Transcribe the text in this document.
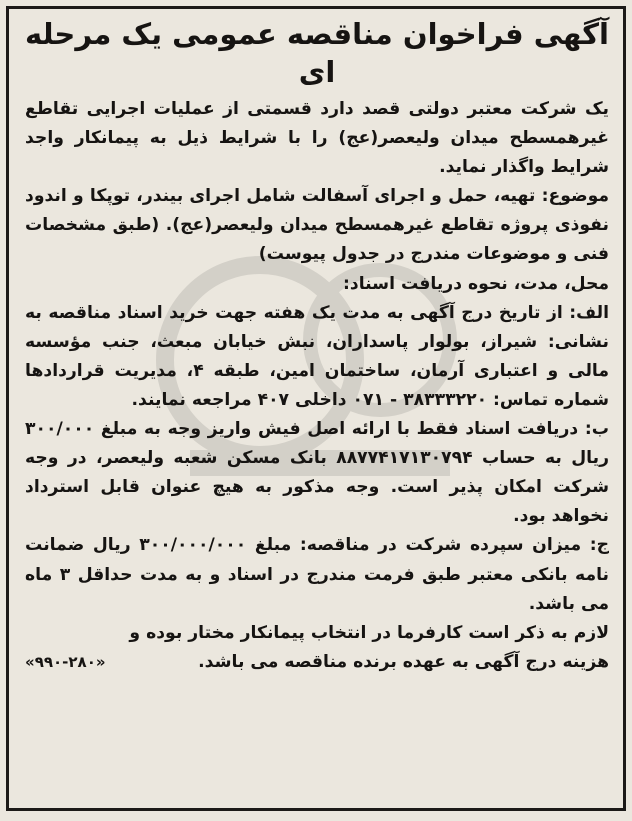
آگهی فراخوان مناقصه عمومی یک مرحله ای

یک شرکت معتبر دولتی قصد دارد قسمتی از عملیات اجرایی تقاطع غیرهمسطح میدان ولیعصر(عج) را با شرایط ذیل به پیمانکار واجد شرایط واگذار نماید.

موضوع: تهیه، حمل و اجرای آسفالت شامل اجرای بیندر، توپکا و اندود نفوذی پروژه تقاطع غیرهمسطح میدان ولیعصر(عج). (طبق مشخصات فنی و موضوعات مندرج در جدول پیوست)

محل، مدت، نحوه دریافت اسناد:

الف: از تاریخ درج آگهی به مدت یک هفته جهت خرید اسناد مناقصه به نشانی: شیراز، بولوار پاسداران، نبش خیابان مبعث، جنب مؤسسه مالی و اعتباری آرمان، ساختمان امین، طبقه ۴، مدیریت قراردادها شماره تماس: ۳۸۳۳۳۲۲۰ - ۰۷۱ داخلی ۴۰۷ مراجعه نمایند.

ب: دریافت اسناد فقط با ارائه اصل فیش واریز وجه به مبلغ ۳۰۰/۰۰۰ ریال به حساب ۸۸۷۷۴۱۷۱۳۰۷۹۴ بانک مسکن شعبه ولیعصر، در وجه شرکت امکان پذیر است. وجه مذکور به هیچ عنوان قابل استرداد نخواهد بود.

ج: میزان سپرده شرکت در مناقصه: مبلغ ۳۰۰/۰۰۰/۰۰۰ ریال ضمانت نامه بانکی معتبر طبق فرمت مندرج در اسناد و به مدت حداقل ۳ ماه می باشد.

لازم به ذکر است کارفرما در انتخاب پیمانکار مختار بوده و

هزینه درج آگهی به عهده برنده مناقصه می باشد.
«۹۹۰-۲۸۰»
